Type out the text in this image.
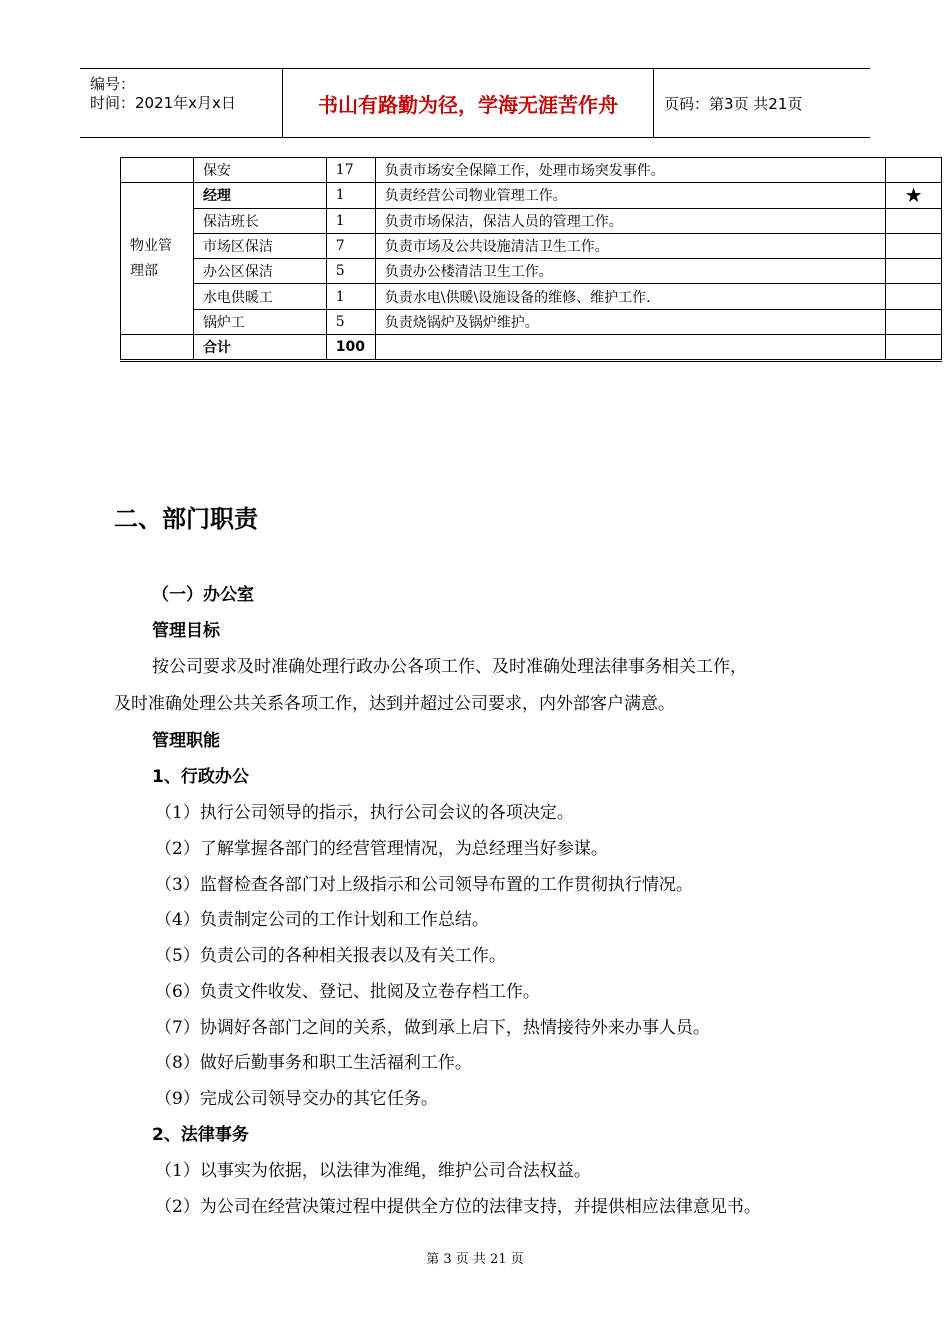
编号：
时间：2021年x月x日	书山有路勤为径，学海无涯苦作舟	页码：第3页 共21页
	保安	17	负责市场安全保障工作，处理市场突发事件。	

物业管
理部	经理	1	负责经营公司物业管理工作。	★
	保洁班长	1	负责市场保洁，保洁人员的管理工作。	
	市场区保洁	7	负责市场及公共设施清洁卫生工作。	
	办公区保洁	5	负责办公楼清洁卫生工作。	
	水电供暖工	1	负责水电\供暖\设施设备的维修、维护工作.	
	锅炉工	5	负责烧锅炉及锅炉维护。	
	合计	100		
二、部门职责
（一）办公室
管理目标
按公司要求及时准确处理行政办公各项工作、及时准确处理法律事务相关工作，
及时准确处理公共关系各项工作，达到并超过公司要求，内外部客户满意。
管理职能
1、行政办公
（1）执行公司领导的指示，执行公司会议的各项决定。
（2）了解掌握各部门的经营管理情况，为总经理当好参谋。
（3）监督检查各部门对上级指示和公司领导布置的工作贯彻执行情况。
（4）负责制定公司的工作计划和工作总结。
（5）负责公司的各种相关报表以及有关工作。
（6）负责文件收发、登记、批阅及立卷存档工作。
（7）协调好各部门之间的关系，做到承上启下，热情接待外来办事人员。
（8）做好后勤事务和职工生活福利工作。
（9）完成公司领导交办的其它任务。
2、法律事务
（1）以事实为依据，以法律为准绳，维护公司合法权益。
（2）为公司在经营决策过程中提供全方位的法律支持，并提供相应法律意见书。
第 3 页 共 21 页
